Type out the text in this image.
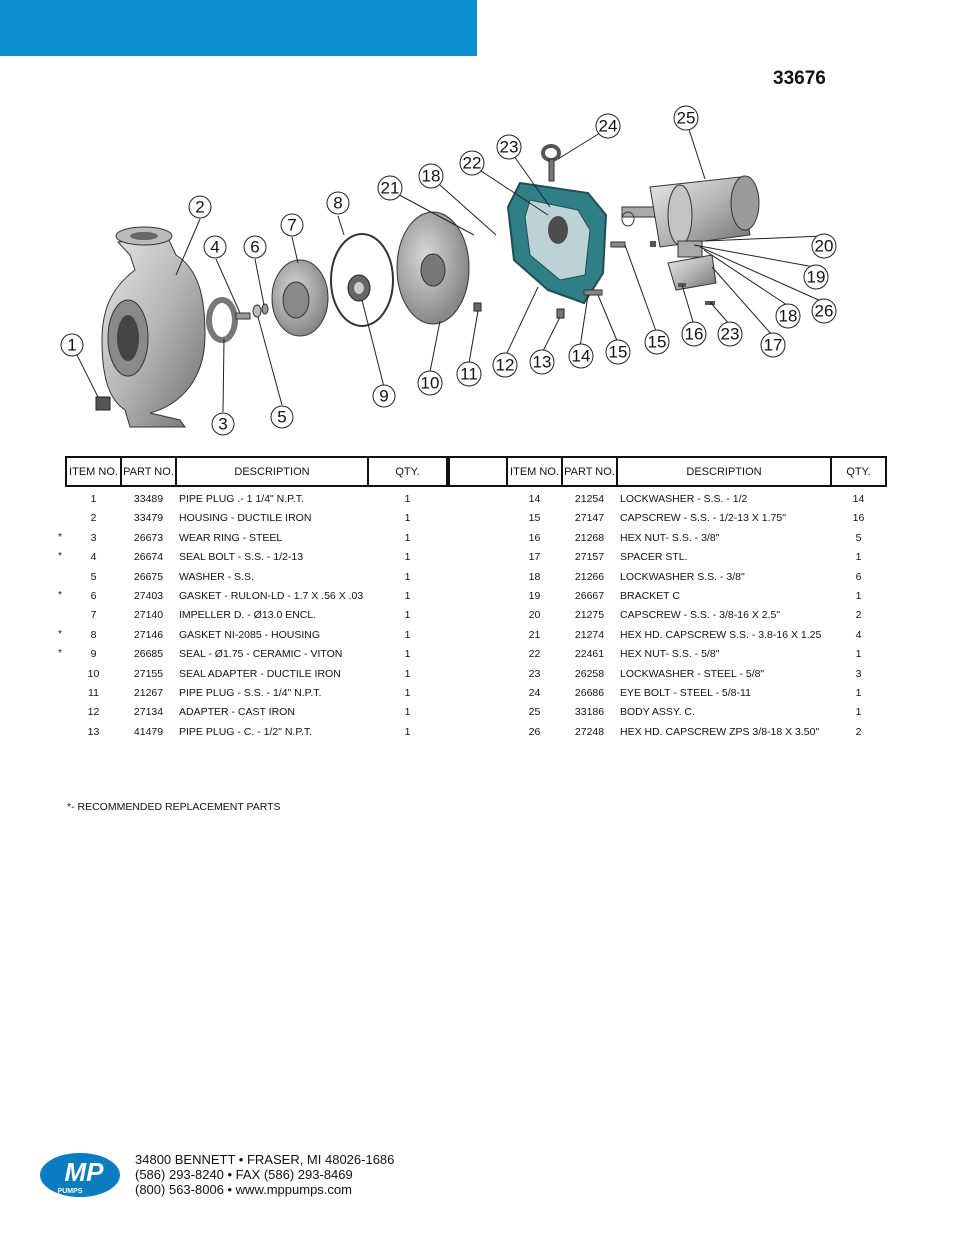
33676
1
2
3
4
5
6
7
8
9
10 11 12 13 14 15
15 16 23
17
18 26
19
20
21
18
22
23
24	25
ITEM NO. PART NO.	DESCRIPTION	QTY.	ITEM NO. PART NO.	DESCRIPTION	QTY.
1	33489	PIPE PLUG .- 1 1/4" N.P.T.	1	14	21254	LOCKWASHER - S.S. - 1/2	14
2	33479	HOUSING - DUCTILE IRON	1	15	27147	CAPSCREW - S.S. - 1/2-13 X 1.75"	16
*	3	26673	WEAR RING - STEEL	1	16	21268	HEX NUT- S.S. - 3/8"	5
*	4	26674	SEAL BOLT - S.S. - 1/2-13	1	17	27157	SPACER STL.	1
5	26675	WASHER - S.S.	1	18	21266	LOCKWASHER S.S. - 3/8"	6
*	6	27403	GASKET - RULON-LD - 1.7 X .56 X .03	1	19	26667	BRACKET C	1
7	27140	IMPELLER D. - Ø13.0 ENCL.	1	20	21275	CAPSCREW - S.S. - 3/8-16 X 2.5"	2
*	8	27146	GASKET NI-2085 - HOUSING	1	21	21274	HEX HD. CAPSCREW S.S. - 3.8-16 X 1.25	4
*	9	26685	SEAL - Ø1.75 - CERAMIC - VITON	1	22	22461	HEX NUT- S.S. - 5/8"	1
10	27155	SEAL ADAPTER - DUCTILE IRON	1	23	26258	LOCKWASHER - STEEL - 5/8"	3
11	21267	PIPE PLUG - S.S. - 1/4" N.P.T.	1	24	26686	EYE BOLT - STEEL - 5/8-11	1
12	27134	ADAPTER - CAST IRON	1	25	33186	BODY ASSY. C.	1
13	41479	PIPE PLUG - C. - 1/2" N.P.T.	1	26	27248	HEX HD. CAPSCREW ZPS 3/8-18 X 3.50"	2
*- RECOMMENDED REPLACEMENT PARTS
MP
PUMPS
34800 BENNETT • FRASER, MI 48026-1686
(586) 293-8240 • FAX (586) 293-8469
(800) 563-8006 • www.mppumps.com
